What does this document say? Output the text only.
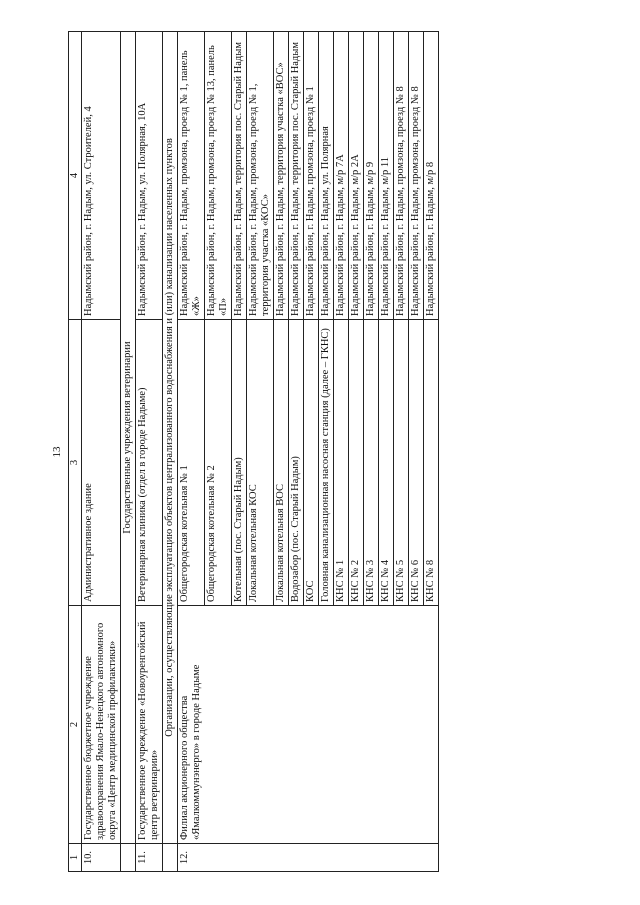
13
1	2	3	4
10.	Государственное бюджетное учреждение здравоохранения Ямало-Ненецкого автономного округа «Центр медицинской профилактики»	Административное здание	Надымский район, г. Надым, ул. Строителей, 4
	Государственные учреждения ветеринарии		
11.	Государственное учреждение «Новоуренгойский центр ветеринарии»	Ветеринарная клиника (отдел в городе Надыме)	Надымский район, г. Надым, ул. Полярная, 10А
	Организации, осуществляющие эксплуатацию объектов централизованного водоснабжения и (или) канализации населенных пунктов		
12.	Филиал акционерного общества «Ямалкоммунэнерго» в городе Надыме	Общегородская котельная № 1	Надымский район, г. Надым, промзона, проезд № 1, панель «Ж»
		Общегородская котельная № 2	Надымский район, г. Надым, промзона, проезд № 13, панель «П»
		Котельная (пос. Старый Надым)	Надымский район, г. Надым, территория пос. Старый Надым
		Локальная котельная КОС	Надымский район, г. Надым, промзона, проезд № 1, территория участка «КОС»
		Локальная котельная ВОС	Надымский район, г. Надым, территория участка «ВОС»
		Водозабор (пос. Старый Надым)	Надымский район, г. Надым, территория пос. Старый Надым
		КОС	Надымский район, г. Надым, промзона, проезд № 1
		Головная канализационная насосная станция (далее – ГКНС)	Надымский район, г. Надым, ул. Полярная
		КНС № 1	Надымский район, г. Надым, м/р 7А
		КНС № 2	Надымский район, г. Надым, м/р 2А
		КНС № 3	Надымский район, г. Надым, м/р 9
		КНС № 4	Надымский район, г. Надым, м/р 11
		КНС № 5	Надымский район, г. Надым, промзона, проезд № 8
		КНС № 6	Надымский район, г. Надым, промзона, проезд № 8
		КНС № 8	Надымский район, г. Надым, м/р 8
